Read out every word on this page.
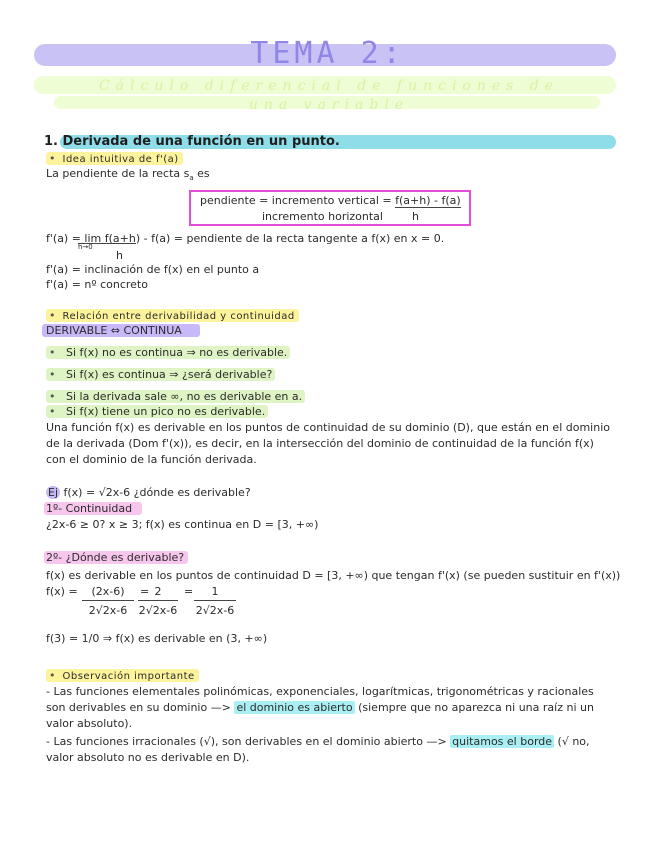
TEMA 2:
Cálculo diferencial de funciones de una variable
1. Derivada de una función en un punto.
• Idea intuitiva de f'(a)
La pendiente de la recta $s_a$ es
pendiente = incremento vertical = f(a+h) - f(a)
incremento horizontal	h
f'(a) = lim f(a+h) - f(a) = pendiente de la recta tangente a f(x) en x = 0.
h→0
h
f'(a) = inclinación de f(x) en el punto a
f'(a) = nº concreto
• Relación entre derivabilidad y continuidad
DERIVABLE ⇔ CONTINUA
• Si f(x) no es continua ⇒ no es derivable.
• Si f(x) es continua ⇒ ¿será derivable?
• Si la derivada sale ∞, no es derivable en a.
• Si f(x) tiene un pico no es derivable.
Una función f(x) es derivable en los puntos de continuidad de su dominio (D), que están en el dominio de la derivada (Dom f'(x)), es decir, en la intersección del dominio de continuidad de la función f(x) con el dominio de la función derivada.
Ej f(x) = √2x-6 ¿dónde es derivable?
1º- Continuidad
¿2x-6 ≥ 0? x ≥ 3; f(x) es continua en D = [3, +∞)
2º- ¿Dónde es derivable?
f(x) es derivable en los puntos de continuidad D = [3, +∞) que tengan f'(x) (se pueden sustituir en f'(x))
f(x) =	(2x-6)
2√2x-6
= 2
2√2x-6
=	1
2√2x-6
f(3) = 1/0 ⇒ f(x) es derivable en (3, +∞)
• Observación importante
- Las funciones elementales polinómicas, exponenciales, logarítmicas, trigonométricas y racionales son derivables en su dominio —> el dominio es abierto (siempre que no aparezca ni una raíz ni un valor absoluto).
- Las funciones irracionales (√), son derivables en el dominio abierto —> quitamos el borde (√ no, valor absoluto no es derivable en D).
